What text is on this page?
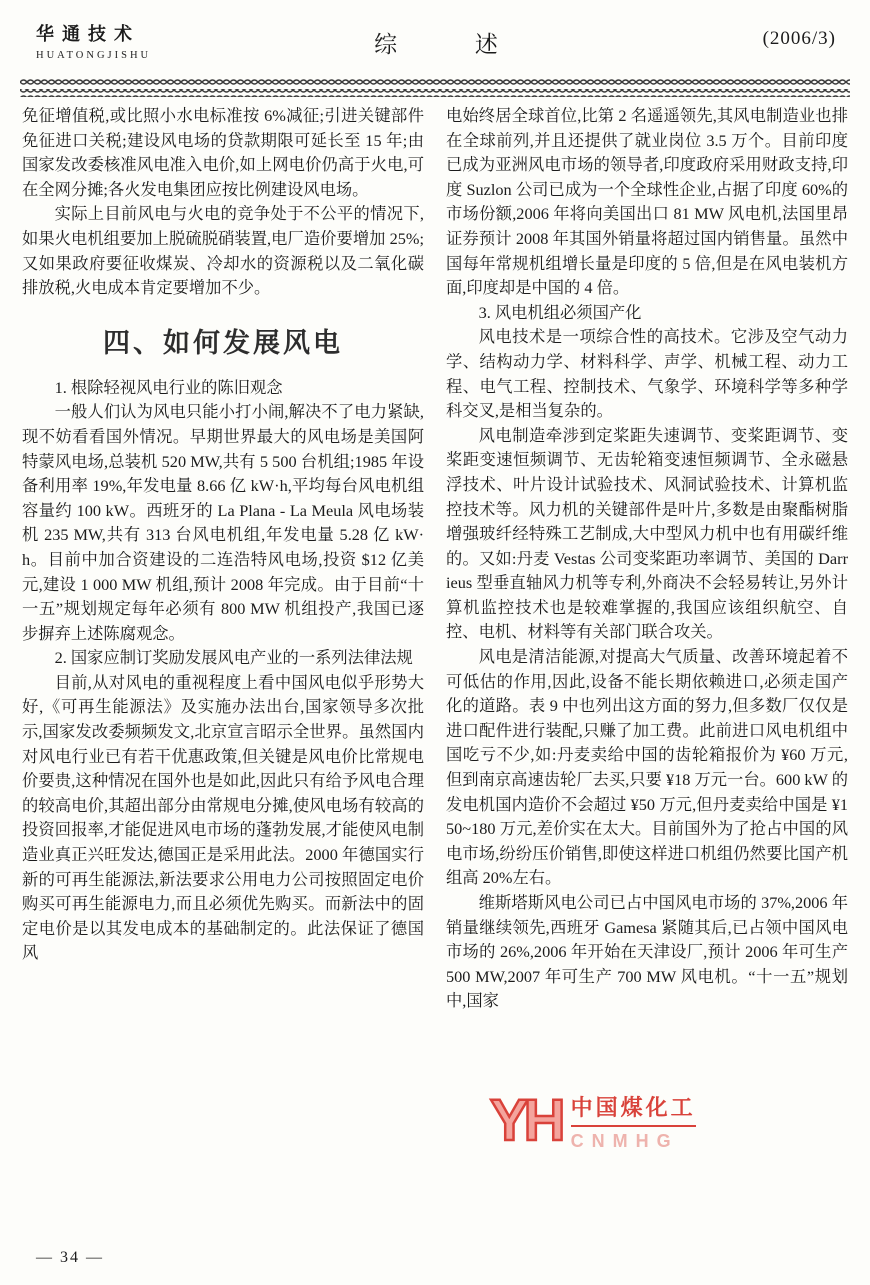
华通技术
HUATONGJISHU	综 述	(2006/3)

免征增值税,或比照小水电标准按 6%减征;引进关键部件免征进口关税;建设风电场的贷款期限可延长至 15 年;由国家发改委核准风电准入电价,如上网电价仍高于火电,可在全网分摊;各火发电集团应按比例建设风电场。

实际上目前风电与火电的竞争处于不公平的情况下,如果火电机组要加上脱硫脱硝装置,电厂造价要增加 25%;又如果政府要征收煤炭、冷却水的资源税以及二氧化碳排放税,火电成本肯定要增加不少。

四、如何发展风电

1. 根除轻视风电行业的陈旧观念

一般人们认为风电只能小打小闹,解决不了电力紧缺,现不妨看看国外情况。早期世界最大的风电场是美国阿特蒙风电场,总装机 520 MW,共有 5 500 台机组;1985 年设备利用率 19%,年发电量 8.66 亿 kW·h,平均每台风电机组容量约 100 kW。西班牙的 La Plana - La Meula 风电场装机 235 MW,共有 313 台风电机组,年发电量 5.28 亿 kW·h。目前中加合资建设的二连浩特风电场,投资 $12 亿美元,建设 1 000 MW 机组,预计 2008 年完成。由于目前“十一五”规划规定每年必须有 800 MW 机组投产,我国已逐步摒弃上述陈腐观念。

2. 国家应制订奖励发展风电产业的一系列法律法规

目前,从对风电的重视程度上看中国风电似乎形势大好,《可再生能源法》及实施办法出台,国家领导多次批示,国家发改委频频发文,北京宣言昭示全世界。虽然国内对风电行业已有若干优惠政策,但关键是风电价比常规电价要贵,这种情况在国外也是如此,因此只有给予风电合理的较高电价,其超出部分由常规电分摊,使风电场有较高的投资回报率,才能促进风电市场的蓬勃发展,才能使风电制造业真正兴旺发达,德国正是采用此法。2000 年德国实行新的可再生能源法,新法要求公用电力公司按照固定电价购买可再生能源电力,而且必须优先购买。而新法中的固定电价是以其发电成本的基础制定的。此法保证了德国风

电始终居全球首位,比第 2 名遥遥领先,其风电制造业也排在全球前列,并且还提供了就业岗位 3.5 万个。目前印度已成为亚洲风电市场的领导者,印度政府采用财政支持,印度 Suzlon 公司已成为一个全球性企业,占据了印度 60%的市场份额,2006 年将向美国出口 81 MW 风电机,法国里昂证券预计 2008 年其国外销量将超过国内销售量。虽然中国每年常规机组增长量是印度的 5 倍,但是在风电装机方面,印度却是中国的 4 倍。

3. 风电机组必须国产化

风电技术是一项综合性的高技术。它涉及空气动力学、结构动力学、材料科学、声学、机械工程、动力工程、电气工程、控制技术、气象学、环境科学等多种学科交叉,是相当复杂的。

风电制造牵涉到定桨距失速调节、变桨距调节、变桨距变速恒频调节、无齿轮箱变速恒频调节、全永磁悬浮技术、叶片设计试验技术、风洞试验技术、计算机监控技术等。风力机的关键部件是叶片,多数是由聚酯树脂增强玻纤经特殊工艺制成,大中型风力机中也有用碳纤维的。又如:丹麦 Vestas 公司变桨距功率调节、美国的 Darrieus 型垂直轴风力机等专利,外商决不会轻易转让,另外计算机监控技术也是较难掌握的,我国应该组织航空、自控、电机、材料等有关部门联合攻关。

风电是清洁能源,对提高大气质量、改善环境起着不可低估的作用,因此,设备不能长期依赖进口,必须走国产化的道路。表 9 中也列出这方面的努力,但多数厂仅仅是进口配件进行装配,只赚了加工费。此前进口风电机组中国吃亏不少,如:丹麦卖给中国的齿轮箱报价为 ¥60 万元,但到南京高速齿轮厂去买,只要 ¥18 万元一台。600 kW 的发电机国内造价不会超过 ¥50 万元,但丹麦卖给中国是 ¥150~180 万元,差价实在太大。目前国外为了抢占中国的风电市场,纷纷压价销售,即使这样进口机组仍然要比国产机组高 20%左右。

维斯塔斯风电公司已占中国风电市场的 37%,2006 年销量继续领先,西班牙 Gamesa 紧随其后,已占领中国风电市场的 26%,2006 年开始在天津设厂,预计 2006 年可生产 500 MW,2007 年可生产 700 MW 风电机。“十一五”规划中,国家

YH 中国煤化工
CNMHG
— 34 —
